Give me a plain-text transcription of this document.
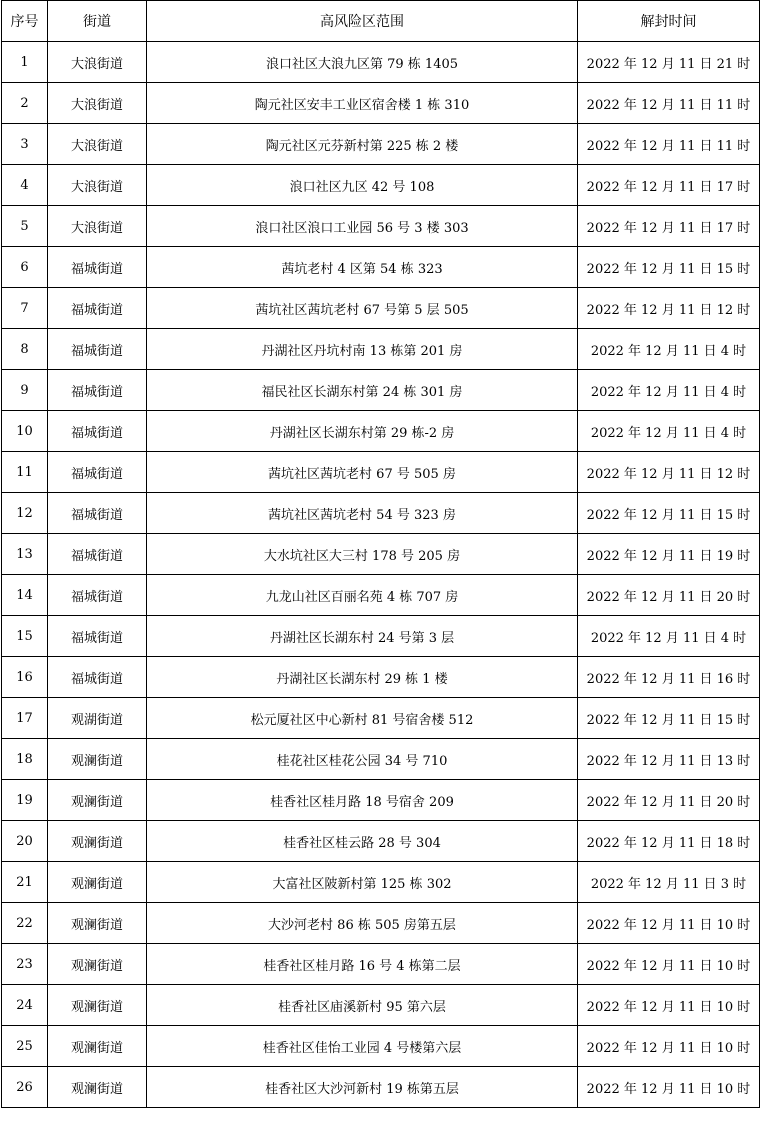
序号	街道	高风险区范围	解封时间
1	大浪街道	浪口社区大浪九区第 79 栋 1405	2022 年 12 月 11 日 21 时
2	大浪街道	陶元社区安丰工业区宿舍楼 1 栋 310	2022 年 12 月 11 日 11 时
3	大浪街道	陶元社区元芬新村第 225 栋 2 楼	2022 年 12 月 11 日 11 时
4	大浪街道	浪口社区九区 42 号 108	2022 年 12 月 11 日 17 时
5	大浪街道	浪口社区浪口工业园 56 号 3 楼 303	2022 年 12 月 11 日 17 时
6	福城街道	茜坑老村 4 区第 54 栋 323	2022 年 12 月 11 日 15 时
7	福城街道	茜坑社区茜坑老村 67 号第 5 层 505	2022 年 12 月 11 日 12 时
8	福城街道	丹湖社区丹坑村南 13 栋第 201 房	2022 年 12 月 11 日 4 时
9	福城街道	福民社区长湖东村第 24 栋 301 房	2022 年 12 月 11 日 4 时
10	福城街道	丹湖社区长湖东村第 29 栋-2 房	2022 年 12 月 11 日 4 时
11	福城街道	茜坑社区茜坑老村 67 号 505 房	2022 年 12 月 11 日 12 时
12	福城街道	茜坑社区茜坑老村 54 号 323 房	2022 年 12 月 11 日 15 时
13	福城街道	大水坑社区大三村 178 号 205 房	2022 年 12 月 11 日 19 时
14	福城街道	九龙山社区百丽名苑 4 栋 707 房	2022 年 12 月 11 日 20 时
15	福城街道	丹湖社区长湖东村 24 号第 3 层	2022 年 12 月 11 日 4 时
16	福城街道	丹湖社区长湖东村 29 栋 1 楼	2022 年 12 月 11 日 16 时
17	观湖街道	松元厦社区中心新村 81 号宿舍楼 512	2022 年 12 月 11 日 15 时
18	观澜街道	桂花社区桂花公园 34 号 710	2022 年 12 月 11 日 13 时
19	观澜街道	桂香社区桂月路 18 号宿舍 209	2022 年 12 月 11 日 20 时
20	观澜街道	桂香社区桂云路 28 号 304	2022 年 12 月 11 日 18 时
21	观澜街道	大富社区陂新村第 125 栋 302	2022 年 12 月 11 日 3 时
22	观澜街道	大沙河老村 86 栋 505 房第五层	2022 年 12 月 11 日 10 时
23	观澜街道	桂香社区桂月路 16 号 4 栋第二层	2022 年 12 月 11 日 10 时
24	观澜街道	桂香社区庙溪新村 95 第六层	2022 年 12 月 11 日 10 时
25	观澜街道	桂香社区佳怡工业园 4 号楼第六层	2022 年 12 月 11 日 10 时
26	观澜街道	桂香社区大沙河新村 19 栋第五层	2022 年 12 月 11 日 10 时
